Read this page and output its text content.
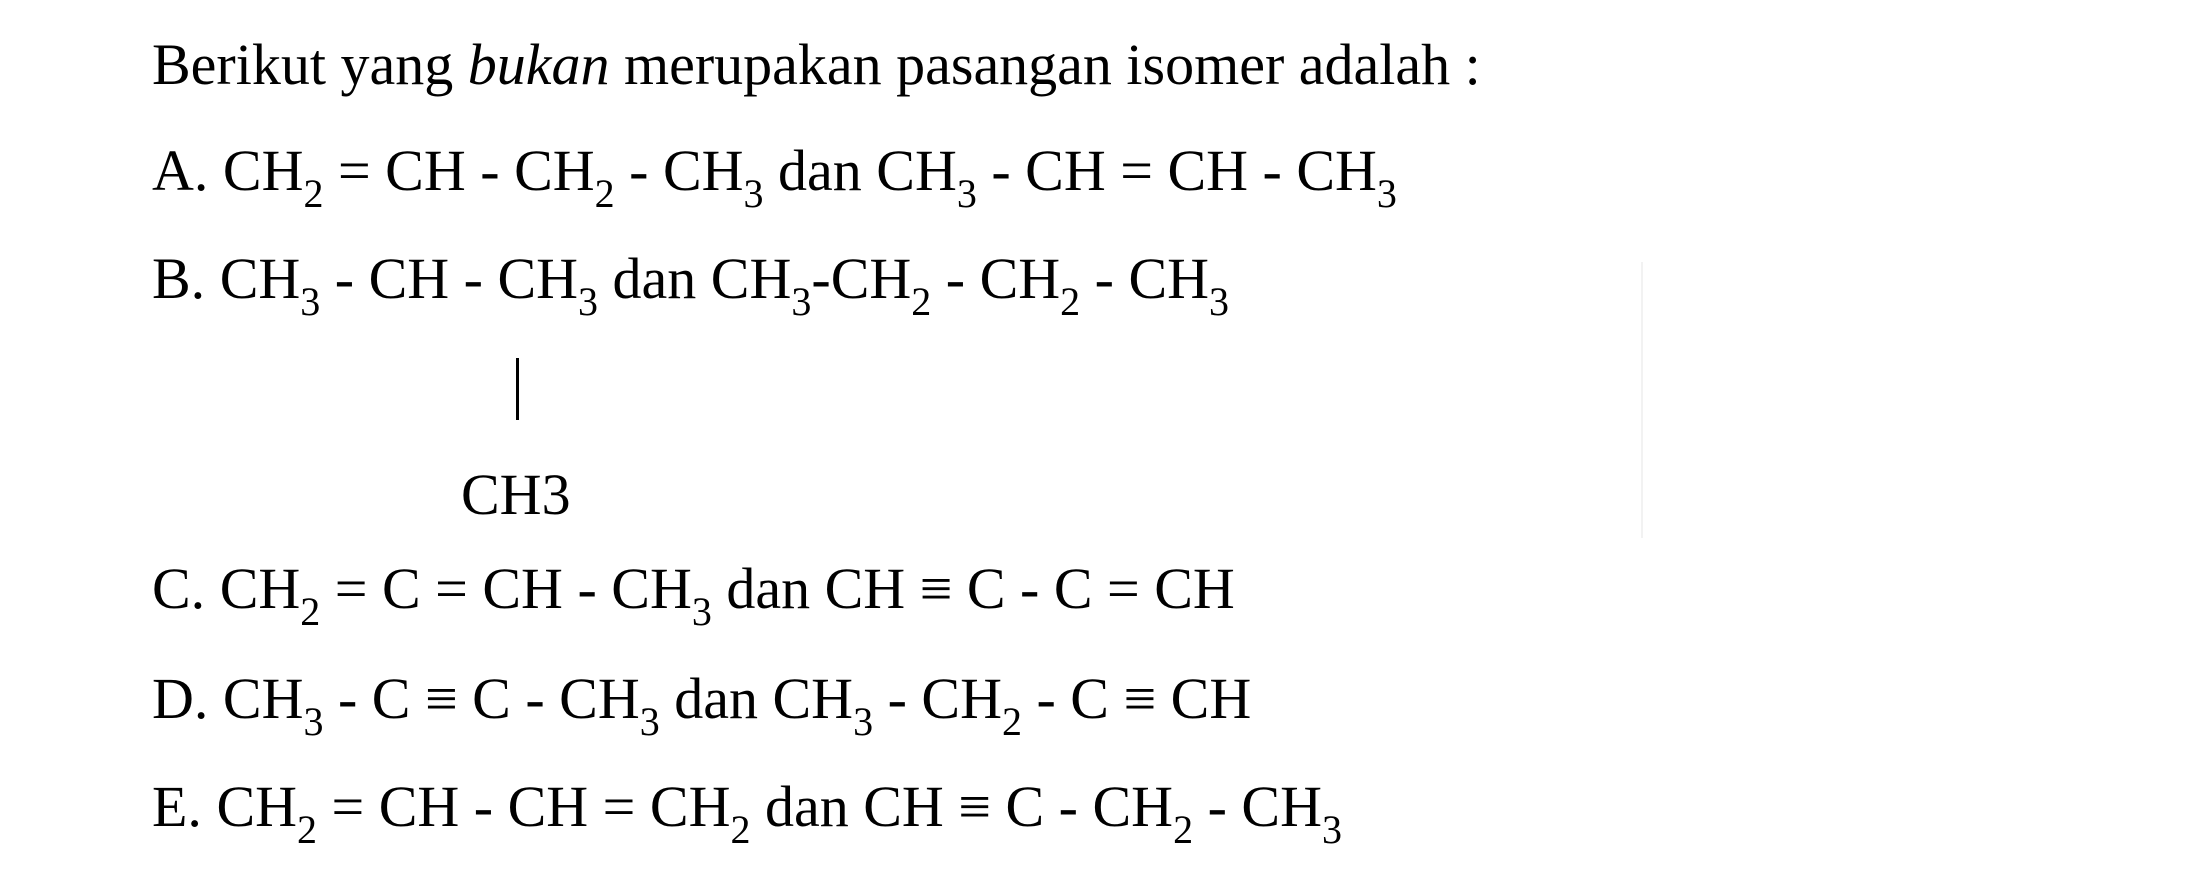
Berikut yang bukan merupakan pasangan isomer adalah :
A. $CH_2$ = CH - $CH_2 - CH_3$ dan $CH_3$ - CH = CH - $CH_3$
B. $CH_3$ - CH - $CH_3$ dan $CH_3-CH_2 - CH_2 - CH_3$
CH3
C. $CH_2 = C$ = CH - $CH_3$ dan CH ≡ C - C = CH
D. $CH_3 - C \equiv C - CH_3$ dan $CH_3 - CH_2$ - C ≡ CH
E. $CH_2$ = CH - CH = $CH_2$ dan CH ≡ C - $CH_2 - CH_3$
